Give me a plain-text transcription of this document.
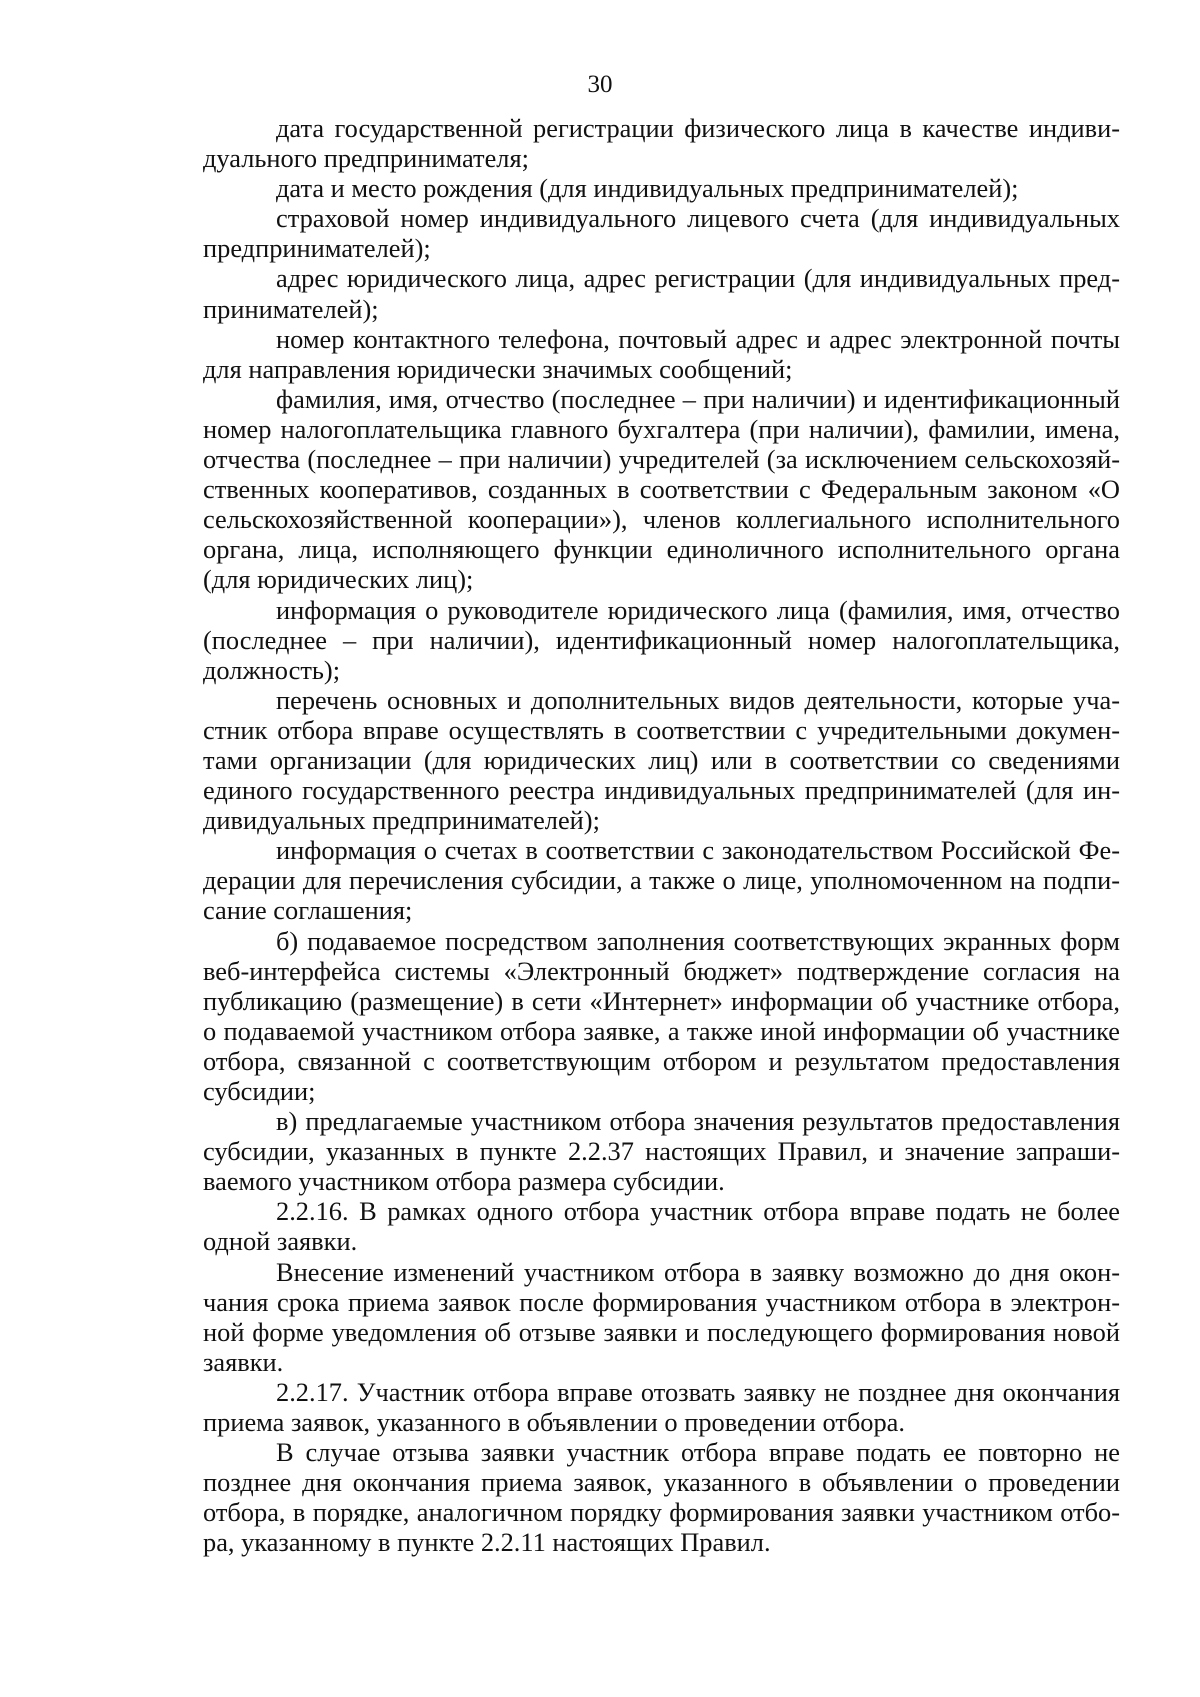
30

дата государственной регистрации физического лица в качестве индивидуального предпринимателя;

дата и место рождения (для индивидуальных предпринимателей);

страховой номер индивидуального лицевого счета (для индивидуальных предпринимателей);

адрес юридического лица, адрес регистрации (для индивидуальных предпринимателей);

номер контактного телефона, почтовый адрес и адрес электронной почты для направления юридически значимых сообщений;

фамилия, имя, отчество (последнее – при наличии) и идентификационный номер налогоплательщика главного бухгалтера (при наличии), фамилии, имена, отчества (последнее – при наличии) учредителей (за исключением сельскохозяйственных кооперативов, созданных в соответствии с Федеральным законом «О сельскохозяйственной кооперации»), членов коллегиального исполнительного органа, лица, исполняющего функции единоличного исполнительного органа (для юридических лиц);

информация о руководителе юридического лица (фамилия, имя, отчество (последнее – при наличии), идентификационный номер налогоплательщика, должность);

перечень основных и дополнительных видов деятельности, которые участник отбора вправе осуществлять в соответствии с учредительными документами организации (для юридических лиц) или в соответствии со сведениями единого государственного реестра индивидуальных предпринимателей (для индивидуальных предпринимателей);

информация о счетах в соответствии с законодательством Российской Федерации для перечисления субсидии, а также о лице, уполномоченном на подписание соглашения;

б) подаваемое посредством заполнения соответствующих экранных форм веб-интерфейса системы «Электронный бюджет» подтверждение согласия на публикацию (размещение) в сети «Интернет» информации об участнике отбора, о подаваемой участником отбора заявке, а также иной информации об участнике отбора, связанной с соответствующим отбором и результатом предоставления субсидии;

в) предлагаемые участником отбора значения результатов предоставления субсидии, указанных в пункте 2.2.37 настоящих Правил, и значение запрашиваемого участником отбора размера субсидии.

2.2.16. В рамках одного отбора участник отбора вправе подать не более одной заявки.

Внесение изменений участником отбора в заявку возможно до дня окончания срока приема заявок после формирования участником отбора в электронной форме уведомления об отзыве заявки и последующего формирования новой заявки.

2.2.17. Участник отбора вправе отозвать заявку не позднее дня окончания приема заявок, указанного в объявлении о проведении отбора.

В случае отзыва заявки участник отбора вправе подать ее повторно не позднее дня окончания приема заявок, указанного в объявлении о проведении отбора, в порядке, аналогичном порядку формирования заявки участником отбора, указанному в пункте 2.2.11 настоящих Правил.
